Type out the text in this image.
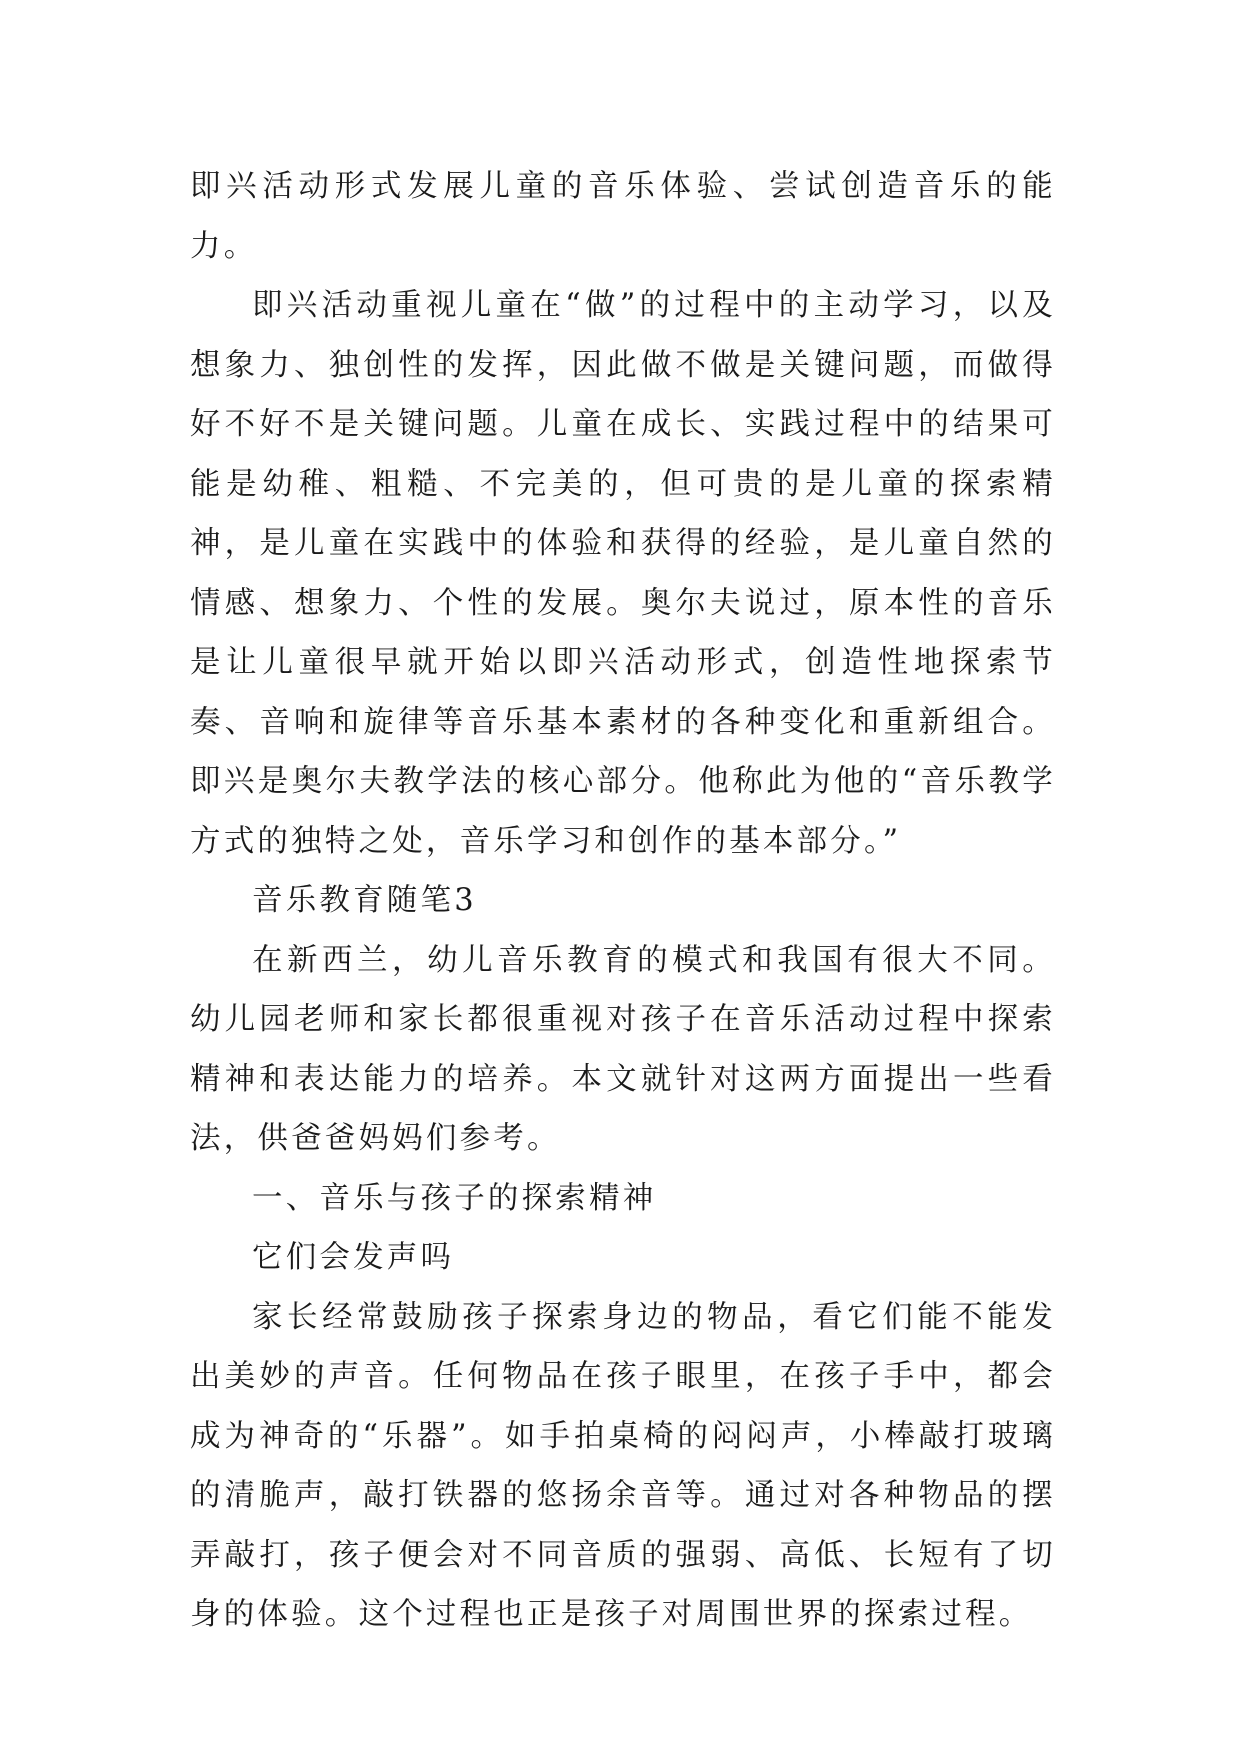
即兴活动形式发展儿童的音乐体验、尝试创造音乐的能力。

即兴活动重视儿童在“做”的过程中的主动学习，以及想象力、独创性的发挥，因此做不做是关键问题，而做得好不好不是关键问题。儿童在成长、实践过程中的结果可能是幼稚、粗糙、不完美的，但可贵的是儿童的探索精神，是儿童在实践中的体验和获得的经验，是儿童自然的情感、想象力、个性的发展。奥尔夫说过，原本性的音乐是让儿童很早就开始以即兴活动形式，创造性地探索节奏、音响和旋律等音乐基本素材的各种变化和重新组合。即兴是奥尔夫教学法的核心部分。他称此为他的“音乐教学方式的独特之处，音乐学习和创作的基本部分。”

音乐教育随笔3

在新西兰，幼儿音乐教育的模式和我国有很大不同。幼儿园老师和家长都很重视对孩子在音乐活动过程中探索精神和表达能力的培养。本文就针对这两方面提出一些看法，供爸爸妈妈们参考。

一、音乐与孩子的探索精神

它们会发声吗

家长经常鼓励孩子探索身边的物品，看它们能不能发出美妙的声音。任何物品在孩子眼里，在孩子手中，都会成为神奇的“乐器”。如手拍桌椅的闷闷声，小棒敲打玻璃的清脆声，敲打铁器的悠扬余音等。通过对各种物品的摆弄敲打，孩子便会对不同音质的强弱、高低、长短有了切身的体验。这个过程也正是孩子对周围世界的探索过程。
